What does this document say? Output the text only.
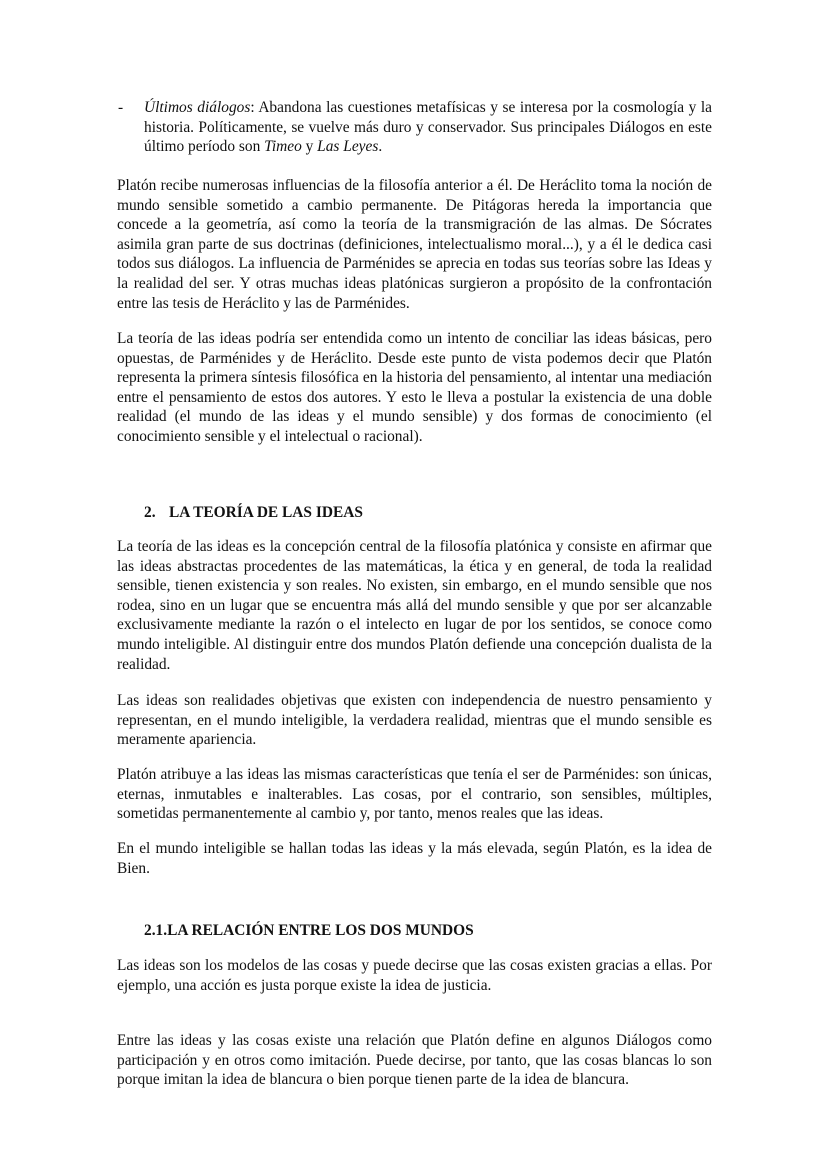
- Últimos diálogos: Abandona las cuestiones metafísicas y se interesa por la cosmología y la historia. Políticamente, se vuelve más duro y conservador. Sus principales Diálogos en este último período son Timeo y Las Leyes.

Platón recibe numerosas influencias de la filosofía anterior a él. De Heráclito toma la noción de mundo sensible sometido a cambio permanente. De Pitágoras hereda la importancia que concede a la geometría, así como la teoría de la transmigración de las almas. De Sócrates asimila gran parte de sus doctrinas (definiciones, intelectualismo moral...), y a él le dedica casi todos sus diálogos. La influencia de Parménides se aprecia en todas sus teorías sobre las Ideas y la realidad del ser. Y otras muchas ideas platónicas surgieron a propósito de la confrontación entre las tesis de Heráclito y las de Parménides.

La teoría de las ideas podría ser entendida como un intento de conciliar las ideas básicas, pero opuestas, de Parménides y de Heráclito. Desde este punto de vista podemos decir que Platón representa la primera síntesis filosófica en la historia del pensamiento, al intentar una mediación entre el pensamiento de estos dos autores. Y esto le lleva a postular la existencia de una doble realidad (el mundo de las ideas y el mundo sensible) y dos formas de conocimiento (el conocimiento sensible y el intelectual o racional).

2. LA TEORÍA DE LAS IDEAS

La teoría de las ideas es la concepción central de la filosofía platónica y consiste en afirmar que las ideas abstractas procedentes de las matemáticas, la ética y en general, de toda la realidad sensible, tienen existencia y son reales. No existen, sin embargo, en el mundo sensible que nos rodea, sino en un lugar que se encuentra más allá del mundo sensible y que por ser alcanzable exclusivamente mediante la razón o el intelecto en lugar de por los sentidos, se conoce como mundo inteligible. Al distinguir entre dos mundos Platón defiende una concepción dualista de la realidad.

Las ideas son realidades objetivas que existen con independencia de nuestro pensamiento y representan, en el mundo inteligible, la verdadera realidad, mientras que el mundo sensible es meramente apariencia.

Platón atribuye a las ideas las mismas características que tenía el ser de Parménides: son únicas, eternas, inmutables e inalterables. Las cosas, por el contrario, son sensibles, múltiples, sometidas permanentemente al cambio y, por tanto, menos reales que las ideas.

En el mundo inteligible se hallan todas las ideas y la más elevada, según Platón, es la idea de Bien.

2.1.LA RELACIÓN ENTRE LOS DOS MUNDOS

Las ideas son los modelos de las cosas y puede decirse que las cosas existen gracias a ellas. Por ejemplo, una acción es justa porque existe la idea de justicia.

Entre las ideas y las cosas existe una relación que Platón define en algunos Diálogos como participación y en otros como imitación. Puede decirse, por tanto, que las cosas blancas lo son porque imitan la idea de blancura o bien porque tienen parte de la idea de blancura.
